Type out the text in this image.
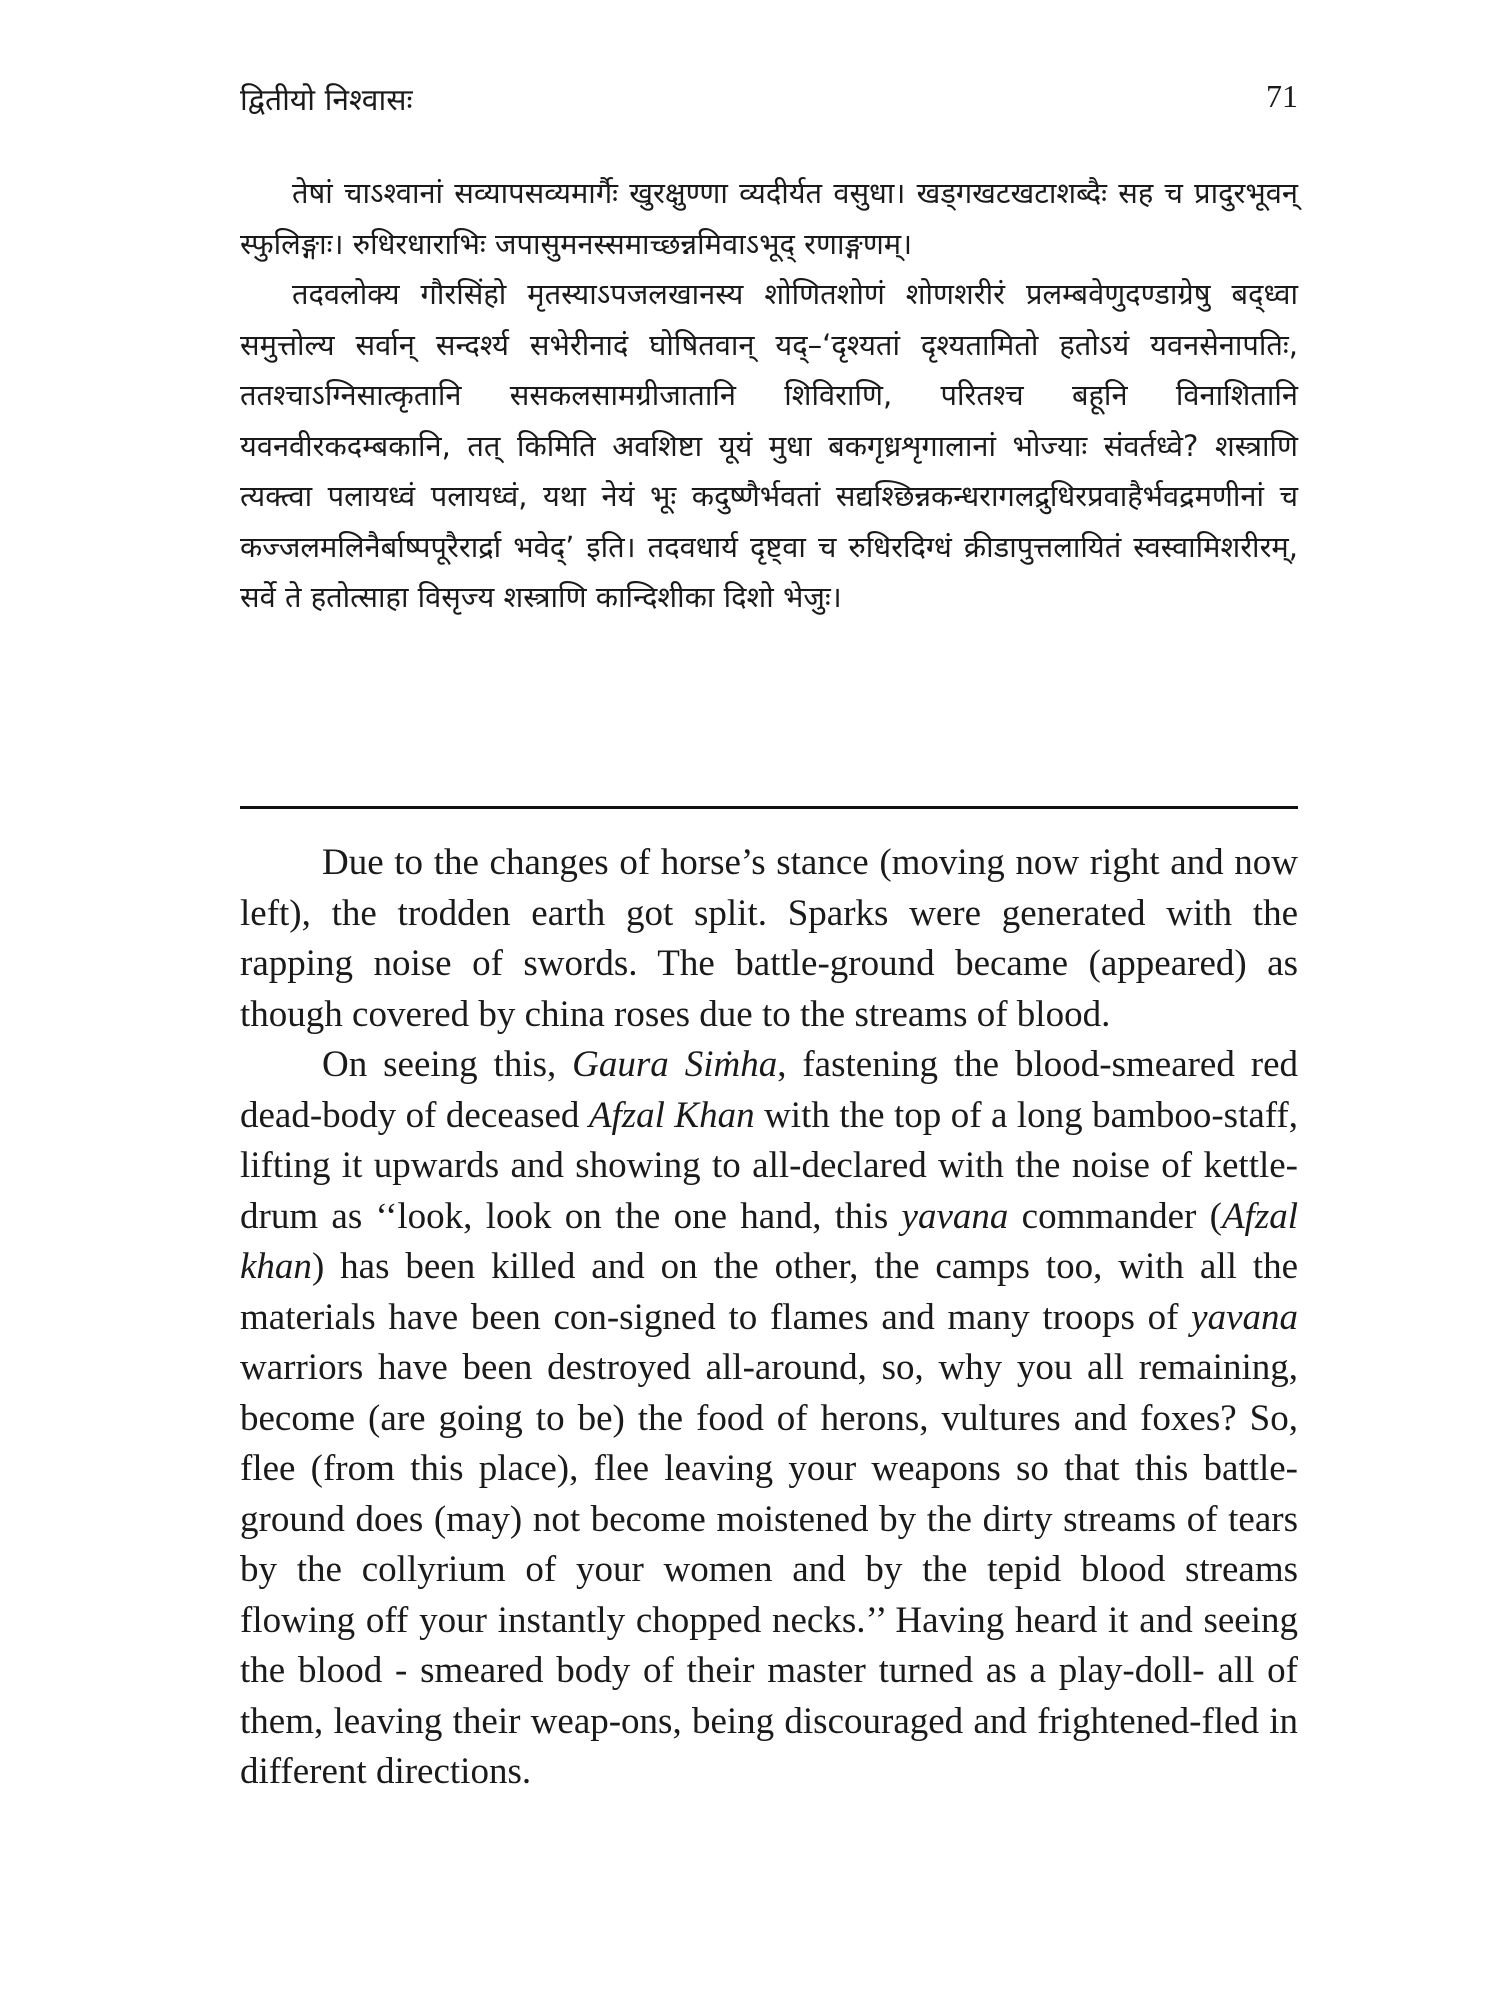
द्वितीयो निश्वासः	71

तेषां चाऽश्वानां सव्यापसव्यमार्गैः खुरक्षुण्णा व्यदीर्यत वसुधा। खड्गखटखटाशब्दैः सह च प्रादुरभूवन् स्फुलिङ्गाः। रुधिरधाराभिः जपासुमनस्समाच्छन्नमिवाऽभूद् रणाङ्गणम्।

तदवलोक्य गौरसिंहो मृतस्याऽपजलखानस्य शोणितशोणं शोणशरीरं प्रलम्बवेणुदण्डाग्रेषु बद्ध्वा समुत्तोल्य सर्वान् सन्दर्श्य सभेरीनादं घोषितवान् यद्–‘दृश्यतां दृश्यतामितो हतोऽयं यवनसेनापतिः, ततश्चाऽग्निसात्कृतानि ससकलसामग्रीजातानि शिविराणि, परितश्च बहूनि विनाशितानि यवनवीरकदम्बकानि, तत् किमिति अवशिष्टा यूयं मुधा बकगृध्रशृगालानां भोज्याः संवर्तध्वे? शस्त्राणि त्यक्त्वा पलायध्वं पलायध्वं, यथा नेयं भूः कदुष्णैर्भवतां सद्यश्छिन्नकन्धरागलद्रुधिरप्रवाहैर्भवद्रमणीनां च कज्जलमलिनैर्बाष्पपूरैरार्द्रा भवेद्’ इति। तदवधार्य दृष्ट्वा च रुधिरदिग्धं क्रीडापुत्तलायितं स्वस्वामिशरीरम्, सर्वे ते हतोत्साहा विसृज्य शस्त्राणि कान्दिशीका दिशो भेजुः।

Due to the changes of horse’s stance (moving now right and now left), the trodden earth got split. Sparks were generated with the rapping noise of swords. The battle-ground became (appeared) as though covered by china roses due to the streams of blood.

On seeing this, Gaura Siṁha, fastening the blood-smeared red dead-body of deceased Afzal Khan with the top of a long bamboo-staff, lifting it upwards and showing to all-declared with the noise of kettle-drum as ‘‘look, look on the one hand, this yavana commander (Afzal khan) has been killed and on the other, the camps too, with all the materials have been con-signed to flames and many troops of yavana warriors have been destroyed all-around, so, why you all remaining, become (are going to be) the food of herons, vultures and foxes? So, flee (from this place), flee leaving your weapons so that this battle-ground does (may) not become moistened by the dirty streams of tears by the collyrium of your women and by the tepid blood streams flowing off your instantly chopped necks.’’ Having heard it and seeing the blood - smeared body of their master turned as a play-doll- all of them, leaving their weap-ons, being discouraged and frightened-fled in different directions.
